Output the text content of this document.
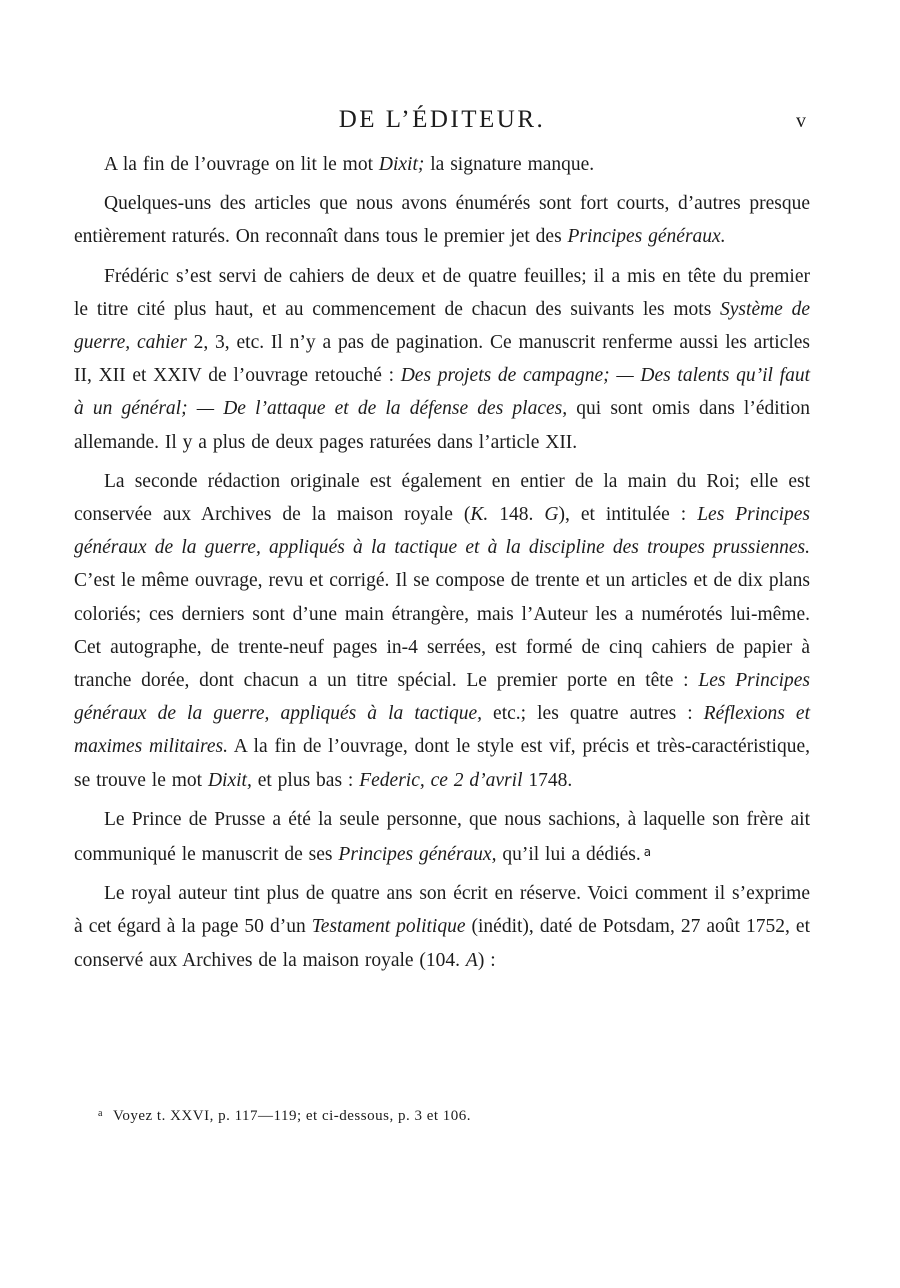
DE L’ÉDITEUR.	v

A la fin de l’ouvrage on lit le mot Dixit; la signature manque.

Quelques-uns des articles que nous avons énumérés sont fort courts, d’autres presque entièrement raturés. On reconnaît dans tous le premier jet des Principes généraux.

Frédéric s’est servi de cahiers de deux et de quatre feuilles; il a mis en tête du premier le titre cité plus haut, et au commencement de chacun des suivants les mots Système de guerre, cahier 2, 3, etc. Il n’y a pas de pagination. Ce manuscrit renferme aussi les articles II, XII et XXIV de l’ouvrage retouché : Des projets de campagne; — Des talents qu’il faut à un général; — De l’attaque et de la défense des places, qui sont omis dans l’édition allemande. Il y a plus de deux pages raturées dans l’article XII.

La seconde rédaction originale est également en entier de la main du Roi; elle est conservée aux Archives de la maison royale (K. 148. G), et intitulée : Les Principes généraux de la guerre, appliqués à la tactique et à la discipline des troupes prussiennes. C’est le même ouvrage, revu et corrigé. Il se compose de trente et un articles et de dix plans coloriés; ces derniers sont d’une main étrangère, mais l’Auteur les a numérotés lui-même. Cet autographe, de trente-neuf pages in-4 serrées, est formé de cinq cahiers de papier à tranche dorée, dont chacun a un titre spécial. Le premier porte en tête : Les Principes généraux de la guerre, appliqués à la tactique, etc.; les quatre autres : Réflexions et maximes militaires. A la fin de l’ouvrage, dont le style est vif, précis et très-caractéristique, se trouve le mot Dixit, et plus bas : Federic, ce 2 d’avril 1748.

Le Prince de Prusse a été la seule personne, que nous sachions, à laquelle son frère ait communiqué le manuscrit de ses Principes généraux, qu’il lui a dédiés. $^a$

Le royal auteur tint plus de quatre ans son écrit en réserve. Voici comment il s’exprime à cet égard à la page 50 d’un Testament politique (inédit), daté de Potsdam, 27 août 1752, et conservé aux Archives de la maison royale (104. A) :

$^a$ Voyez t. XXVI, p. 117—119; et ci-dessous, p. 3 et 106.
